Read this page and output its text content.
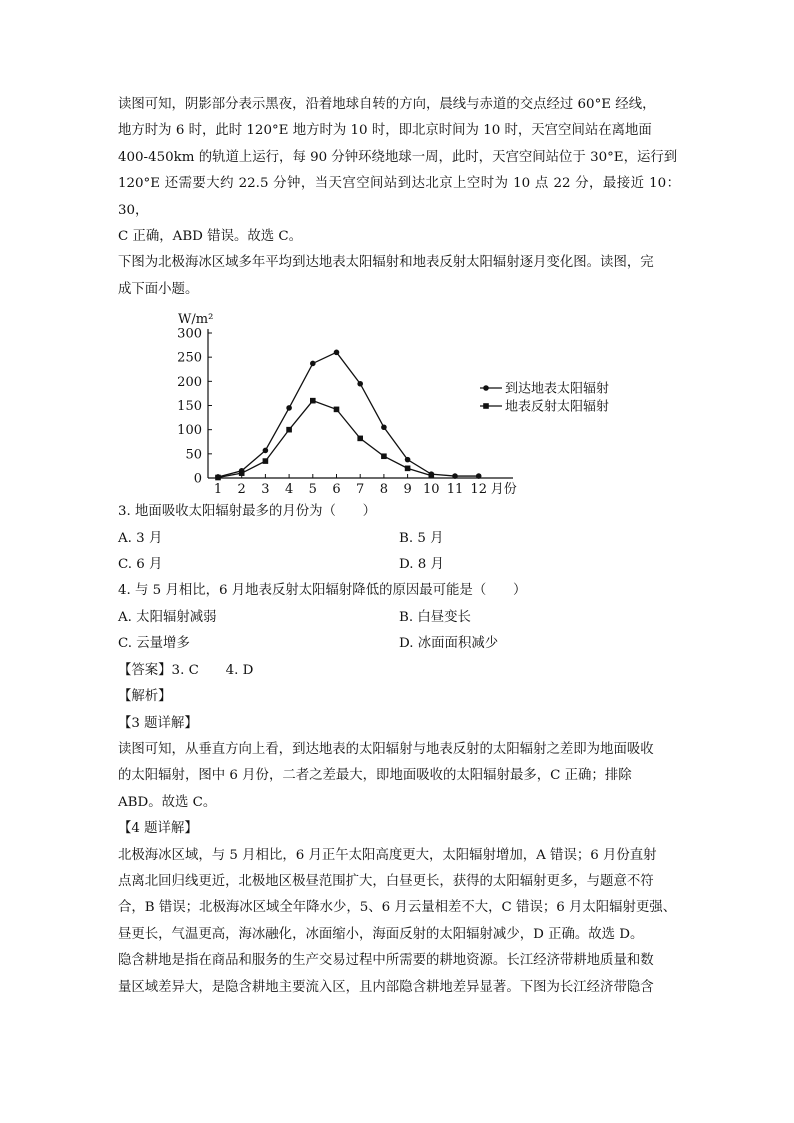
读图可知，阴影部分表示黑夜，沿着地球自转的方向，晨线与赤道的交点经过 60°E 经线，
地方时为 6 时，此时 120°E 地方时为 10 时，即北京时间为 10 时，天宫空间站在离地面
400-450km 的轨道上运行，每 90 分钟环绕地球一周，此时，天宫空间站位于 30°E，运行到
120°E 还需要大约 22.5 分钟，当天宫空间站到达北京上空时为 10 点 22 分，最接近 10：30，
C 正确，ABD 错误。故选 C。

下图为北极海冰区域多年平均到达地表太阳辐射和地表反射太阳辐射逐月变化图。读图，完
成下面小题。

W/m²
0
50
100
150
200
250
300
1 2 3 4 5 6 7 8 9 10 11 12 月份
到达地表太阳辐射
地表反射太阳辐射

3. 地面吸收太阳辐射最多的月份为（　　）

A. 3 月	B. 5 月
C. 6 月	D. 8 月

4. 与 5 月相比，6 月地表反射太阳辐射降低的原因最可能是（　　）

A. 太阳辐射减弱	B. 白昼变长
C. 云量增多	D. 冰面面积减少

【答案】3. C　　4. D

【解析】

【3 题详解】

读图可知，从垂直方向上看，到达地表的太阳辐射与地表反射的太阳辐射之差即为地面吸收
的太阳辐射，图中 6 月份，二者之差最大，即地面吸收的太阳辐射最多，C 正确；排除
ABD。故选 C。

【4 题详解】

北极海冰区域，与 5 月相比，6 月正午太阳高度更大，太阳辐射增加，A 错误；6 月份直射
点离北回归线更近，北极地区极昼范围扩大，白昼更长，获得的太阳辐射更多，与题意不符
合，B 错误；北极海冰区域全年降水少，5、6 月云量相差不大，C 错误；6 月太阳辐射更强、
昼更长，气温更高，海冰融化，冰面缩小，海面反射的太阳辐射减少，D 正确。故选 D。

隐含耕地是指在商品和服务的生产交易过程中所需要的耕地资源。长江经济带耕地质量和数
量区域差异大，是隐含耕地主要流入区，且内部隐含耕地差异显著。下图为长江经济带隐含
